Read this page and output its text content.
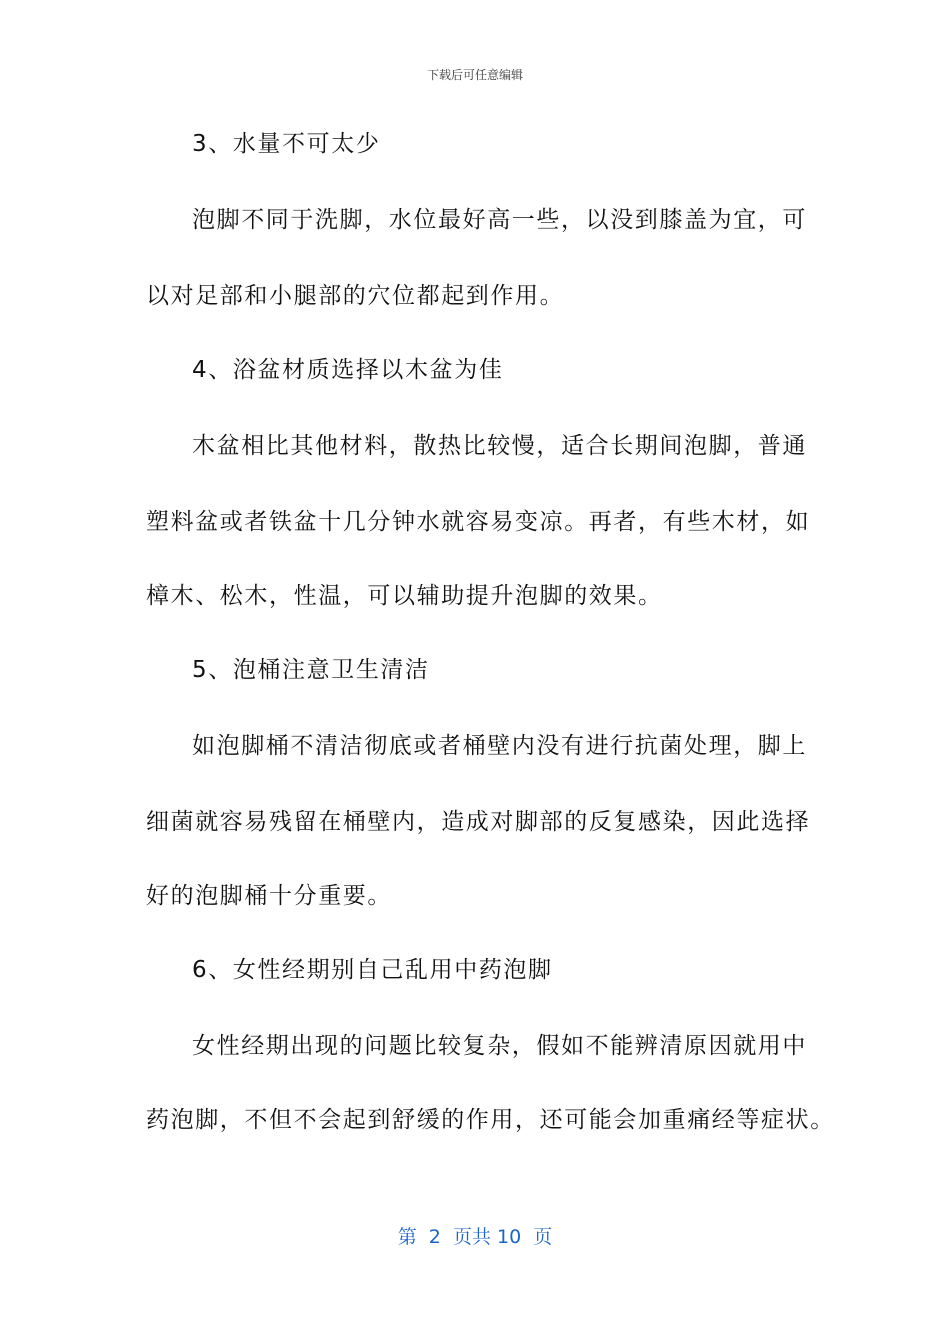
下载后可任意编辑
3、水量不可太少
泡脚不同于洗脚，水位最好高一些，以没到膝盖为宜，可
以对足部和小腿部的穴位都起到作用。
4、浴盆材质选择以木盆为佳
木盆相比其他材料，散热比较慢，适合长期间泡脚，普通
塑料盆或者铁盆十几分钟水就容易变凉。再者，有些木材，如
樟木、松木，性温，可以辅助提升泡脚的效果。
5、泡桶注意卫生清洁
如泡脚桶不清洁彻底或者桶壁内没有进行抗菌处理，脚上
细菌就容易残留在桶壁内，造成对脚部的反复感染，因此选择
好的泡脚桶十分重要。
6、女性经期别自己乱用中药泡脚
女性经期出现的问题比较复杂，假如不能辨清原因就用中
药泡脚，不但不会起到舒缓的作用，还可能会加重痛经等症状。
第  2  页共 10  页
